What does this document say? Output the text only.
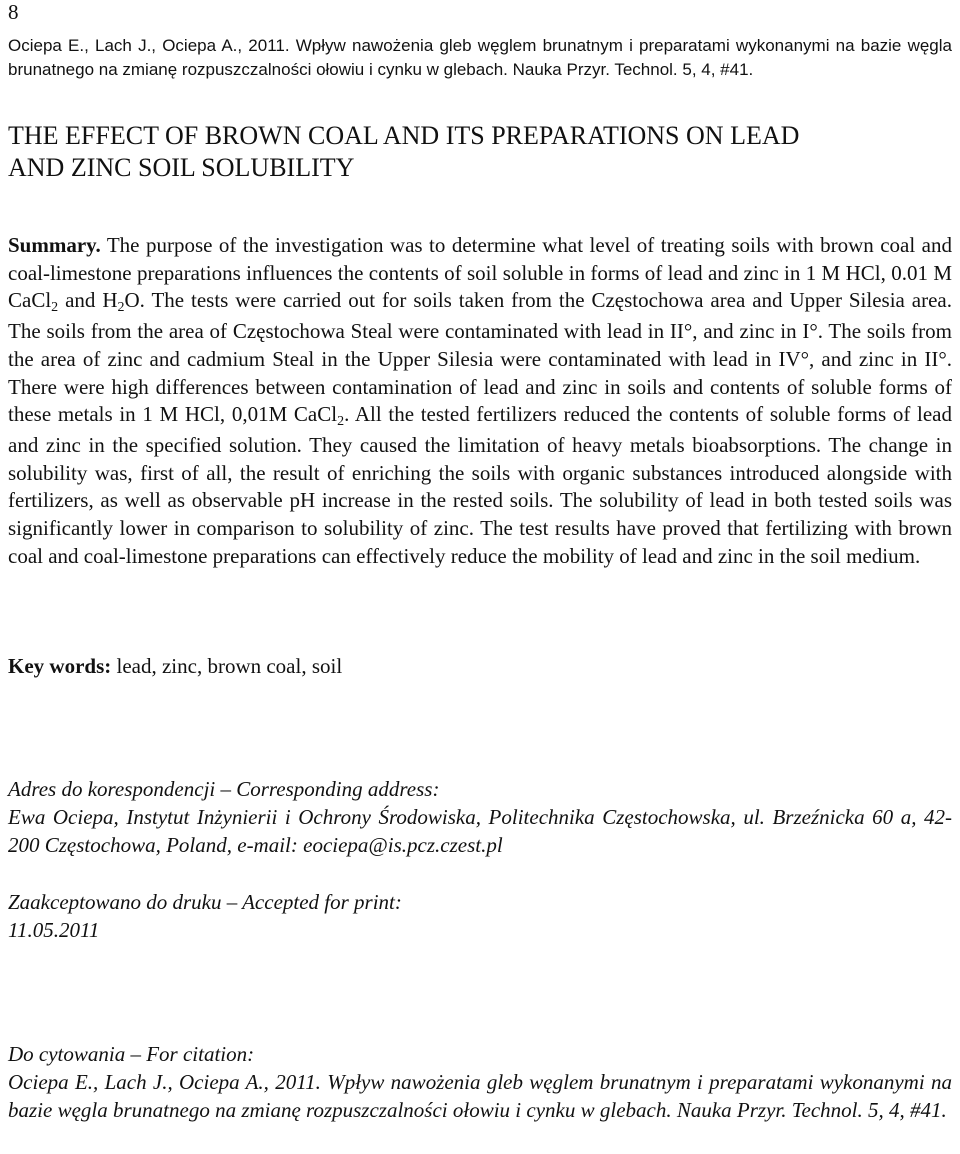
8
Ociepa E., Lach J., Ociepa A., 2011. Wpływ nawożenia gleb węglem brunatnym i preparatami wykonanymi na bazie węgla brunatnego na zmianę rozpuszczalności ołowiu i cynku w glebach. Nauka Przyr. Technol. 5, 4, #41.
THE EFFECT OF BROWN COAL AND ITS PREPARATIONS ON LEAD
AND ZINC SOIL SOLUBILITY
Summary. The purpose of the investigation was to determine what level of treating soils with brown coal and coal-limestone preparations influences the contents of soil soluble in forms of lead and zinc in 1 M HCl, 0.01 M CaCl$_2$ and $H_2O$. The tests were carried out for soils taken from the Częstochowa area and Upper Silesia area. The soils from the area of Częstochowa Steal were contaminated with lead in II°, and zinc in I°. The soils from the area of zinc and cadmium Steal in the Upper Silesia were contaminated with lead in IV°, and zinc in II°. There were high differences between contamination of lead and zinc in soils and contents of soluble forms of these metals in 1 M HCl, 0,01M CaCl$_2$. All the tested fertilizers reduced the contents of soluble forms of lead and zinc in the specified solution. They caused the limitation of heavy metals bioabsorptions. The change in solubility was, first of all, the result of enriching the soils with organic substances introduced alongside with fertilizers, as well as observable pH increase in the rested soils. The solubility of lead in both tested soils was significantly lower in comparison to solubility of zinc. The test results have proved that fertilizing with brown coal and coal-limestone preparations can effectively reduce the mobility of lead and zinc in the soil medium.
Key words: lead, zinc, brown coal, soil
Adres do korespondencji – Corresponding address:
Ewa Ociepa, Instytut Inżynierii i Ochrony Środowiska, Politechnika Częstochowska, ul. Brzeźnicka 60 a, 42-200 Częstochowa, Poland, e-mail: eociepa@is.pcz.czest.pl
Zaakceptowano do druku – Accepted for print:
11.05.2011
Do cytowania – For citation:
Ociepa E., Lach J., Ociepa A., 2011. Wpływ nawożenia gleb węglem brunatnym i preparatami wykonanymi na bazie węgla brunatnego na zmianę rozpuszczalności ołowiu i cynku w glebach. Nauka Przyr. Technol. 5, 4, #41.
